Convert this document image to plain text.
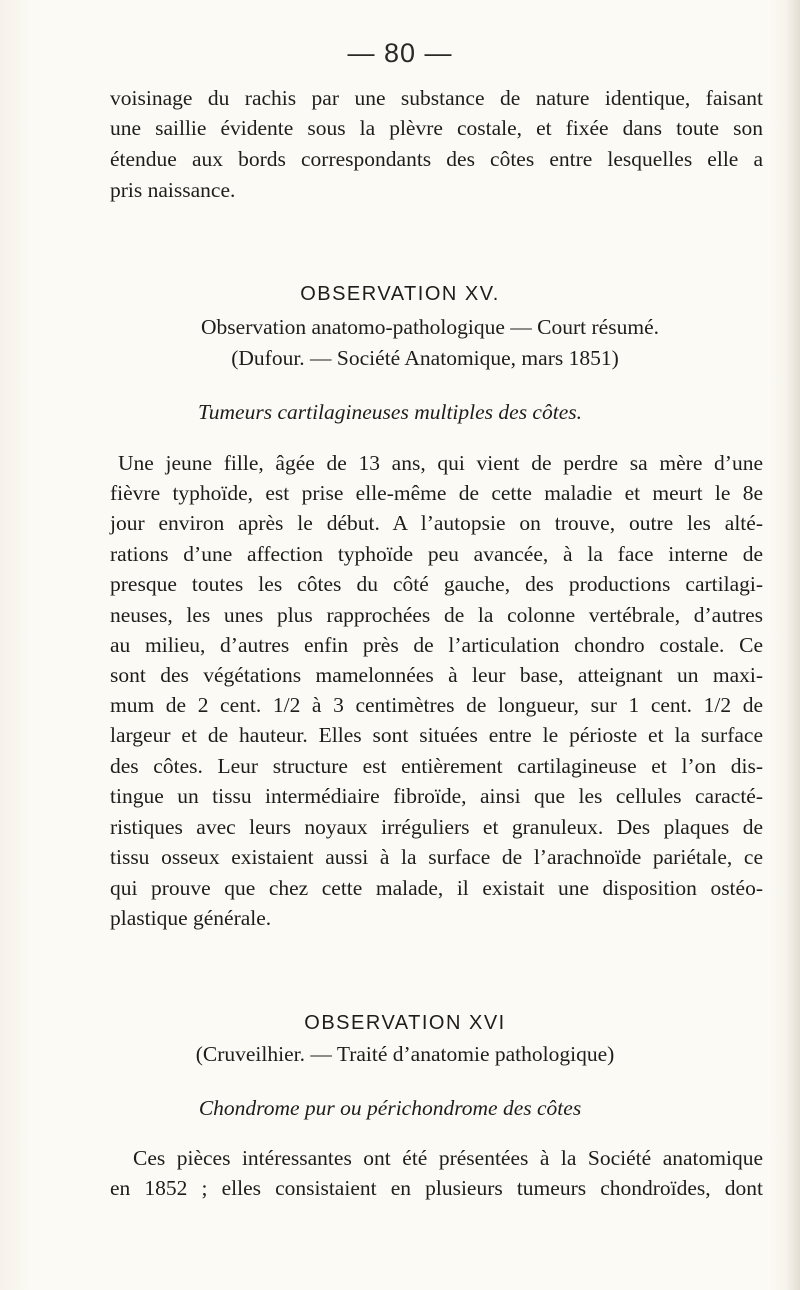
— 80 —
voisinage du rachis par une substance de nature identique, faisant
une saillie évidente sous la plèvre costale, et fixée dans toute son
étendue aux bords correspondants des côtes entre lesquelles elle a
pris naissance.
OBSERVATION XV.
Observation anatomo-pathologique — Court résumé.
(Dufour. — Société Anatomique, mars 1851)
Tumeurs cartilagineuses multiples des côtes.
Une jeune fille, âgée de 13 ans, qui vient de perdre sa mère d’une
fièvre typhoïde, est prise elle-même de cette maladie et meurt le 8e
jour environ après le début. A l’autopsie on trouve, outre les alté-
rations d’une affection typhoïde peu avancée, à la face interne de
presque toutes les côtes du côté gauche, des productions cartilagi-
neuses, les unes plus rapprochées de la colonne vertébrale, d’autres
au milieu, d’autres enfin près de l’articulation chondro costale. Ce
sont des végétations mamelonnées à leur base, atteignant un maxi-
mum de 2 cent. 1/2 à 3 centimètres de longueur, sur 1 cent. 1/2 de
largeur et de hauteur. Elles sont situées entre le périoste et la surface
des côtes. Leur structure est entièrement cartilagineuse et l’on dis-
tingue un tissu intermédiaire fibroïde, ainsi que les cellules caracté-
ristiques avec leurs noyaux irréguliers et granuleux. Des plaques de
tissu osseux existaient aussi à la surface de l’arachnoïde pariétale, ce
qui prouve que chez cette malade, il existait une disposition ostéo-
plastique générale.
OBSERVATION XVI
(Cruveilhier. — Traité d’anatomie pathologique)
Chondrome pur ou périchondrome des côtes
Ces pièces intéressantes ont été présentées à la Société anatomique
en 1852 ; elles consistaient en plusieurs tumeurs chondroïdes, dont
